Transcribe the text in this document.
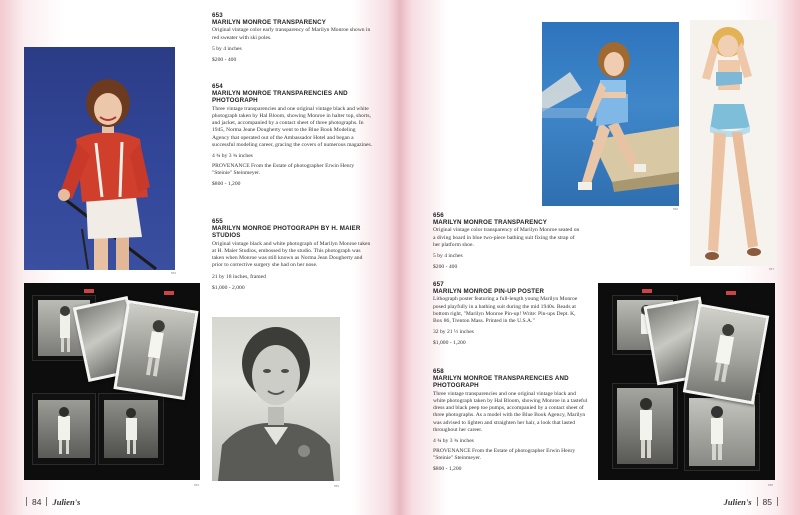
653
654	655
653
MARILYN MONROE TRANSPARENCY
Original vintage color early transparency of Marilyn Monroe shown in red sweater with ski poles.
5 by 4 inches
$200 - 400
654
MARILYN MONROE TRANSPARENCIES AND PHOTOGRAPH
Three vintage transparencies and one original vintage black and white photograph taken by Hal Bloom, showing Monroe in halter top, shorts, and jacket, accompanied by a contact sheet of three photographs. In 1945, Norma Jeane Dougherty went to the Blue Book Modeling Agency that operated out of the Ambassador Hotel and began a successful modeling career, gracing the covers of numerous magazines.
4 ¾ by 3 ¾ inches
PROVENANCE From the Estate of photographer Erwin Henry "Steinie" Steinmeyer.
$800 - 1,200
655
MARILYN MONROE PHOTOGRAPH BY H. MAIER STUDIOS
Original vintage black and white photograph of Marilyn Monroe taken at H. Maier Studios, embossed by the studio. This photograph was taken when Monroe was still known as Norma Jean Dougherty and prior to corrective surgery she had on her nose.
21 by 18 inches, framed
$1,000 - 2,000
84 Julien's
656
657
658
656
MARILYN MONROE TRANSPARENCY
Original vintage color transparency of Marilyn Monroe seated on a diving board in blue two-piece bathing suit fixing the strap of her platform shoe.
5 by 4 inches
$200 - 400
657
MARILYN MONROE PIN-UP POSTER
Lithograph poster featuring a full-length young Marilyn Monroe posed playfully in a bathing suit during the mid 1940s. Reads at bottom right, "Marilyn Monroe Pin-up! Write: Pin-ups Dept. K, Box 86, Trenton Mass. Printed in the U.S.A."
32 by 21 ½ inches
$1,000 - 1,200
658
MARILYN MONROE TRANSPARENCIES AND PHOTOGRAPH
Three vintage transparencies and one original vintage black and white photograph taken by Hal Bloom, showing Monroe in a tasteful dress and black peep toe pumps, accompanied by a contact sheet of three photographs. As a model with the Blue Book Agency, Marilyn was advised to lighten and straighten her hair, a look that lasted throughout her career.
4 ¾ by 3 ¾ inches
PROVENANCE From the Estate of photographer Erwin Henry "Steinie" Steinmeyer.
$800 - 1,200
Julien's 85
